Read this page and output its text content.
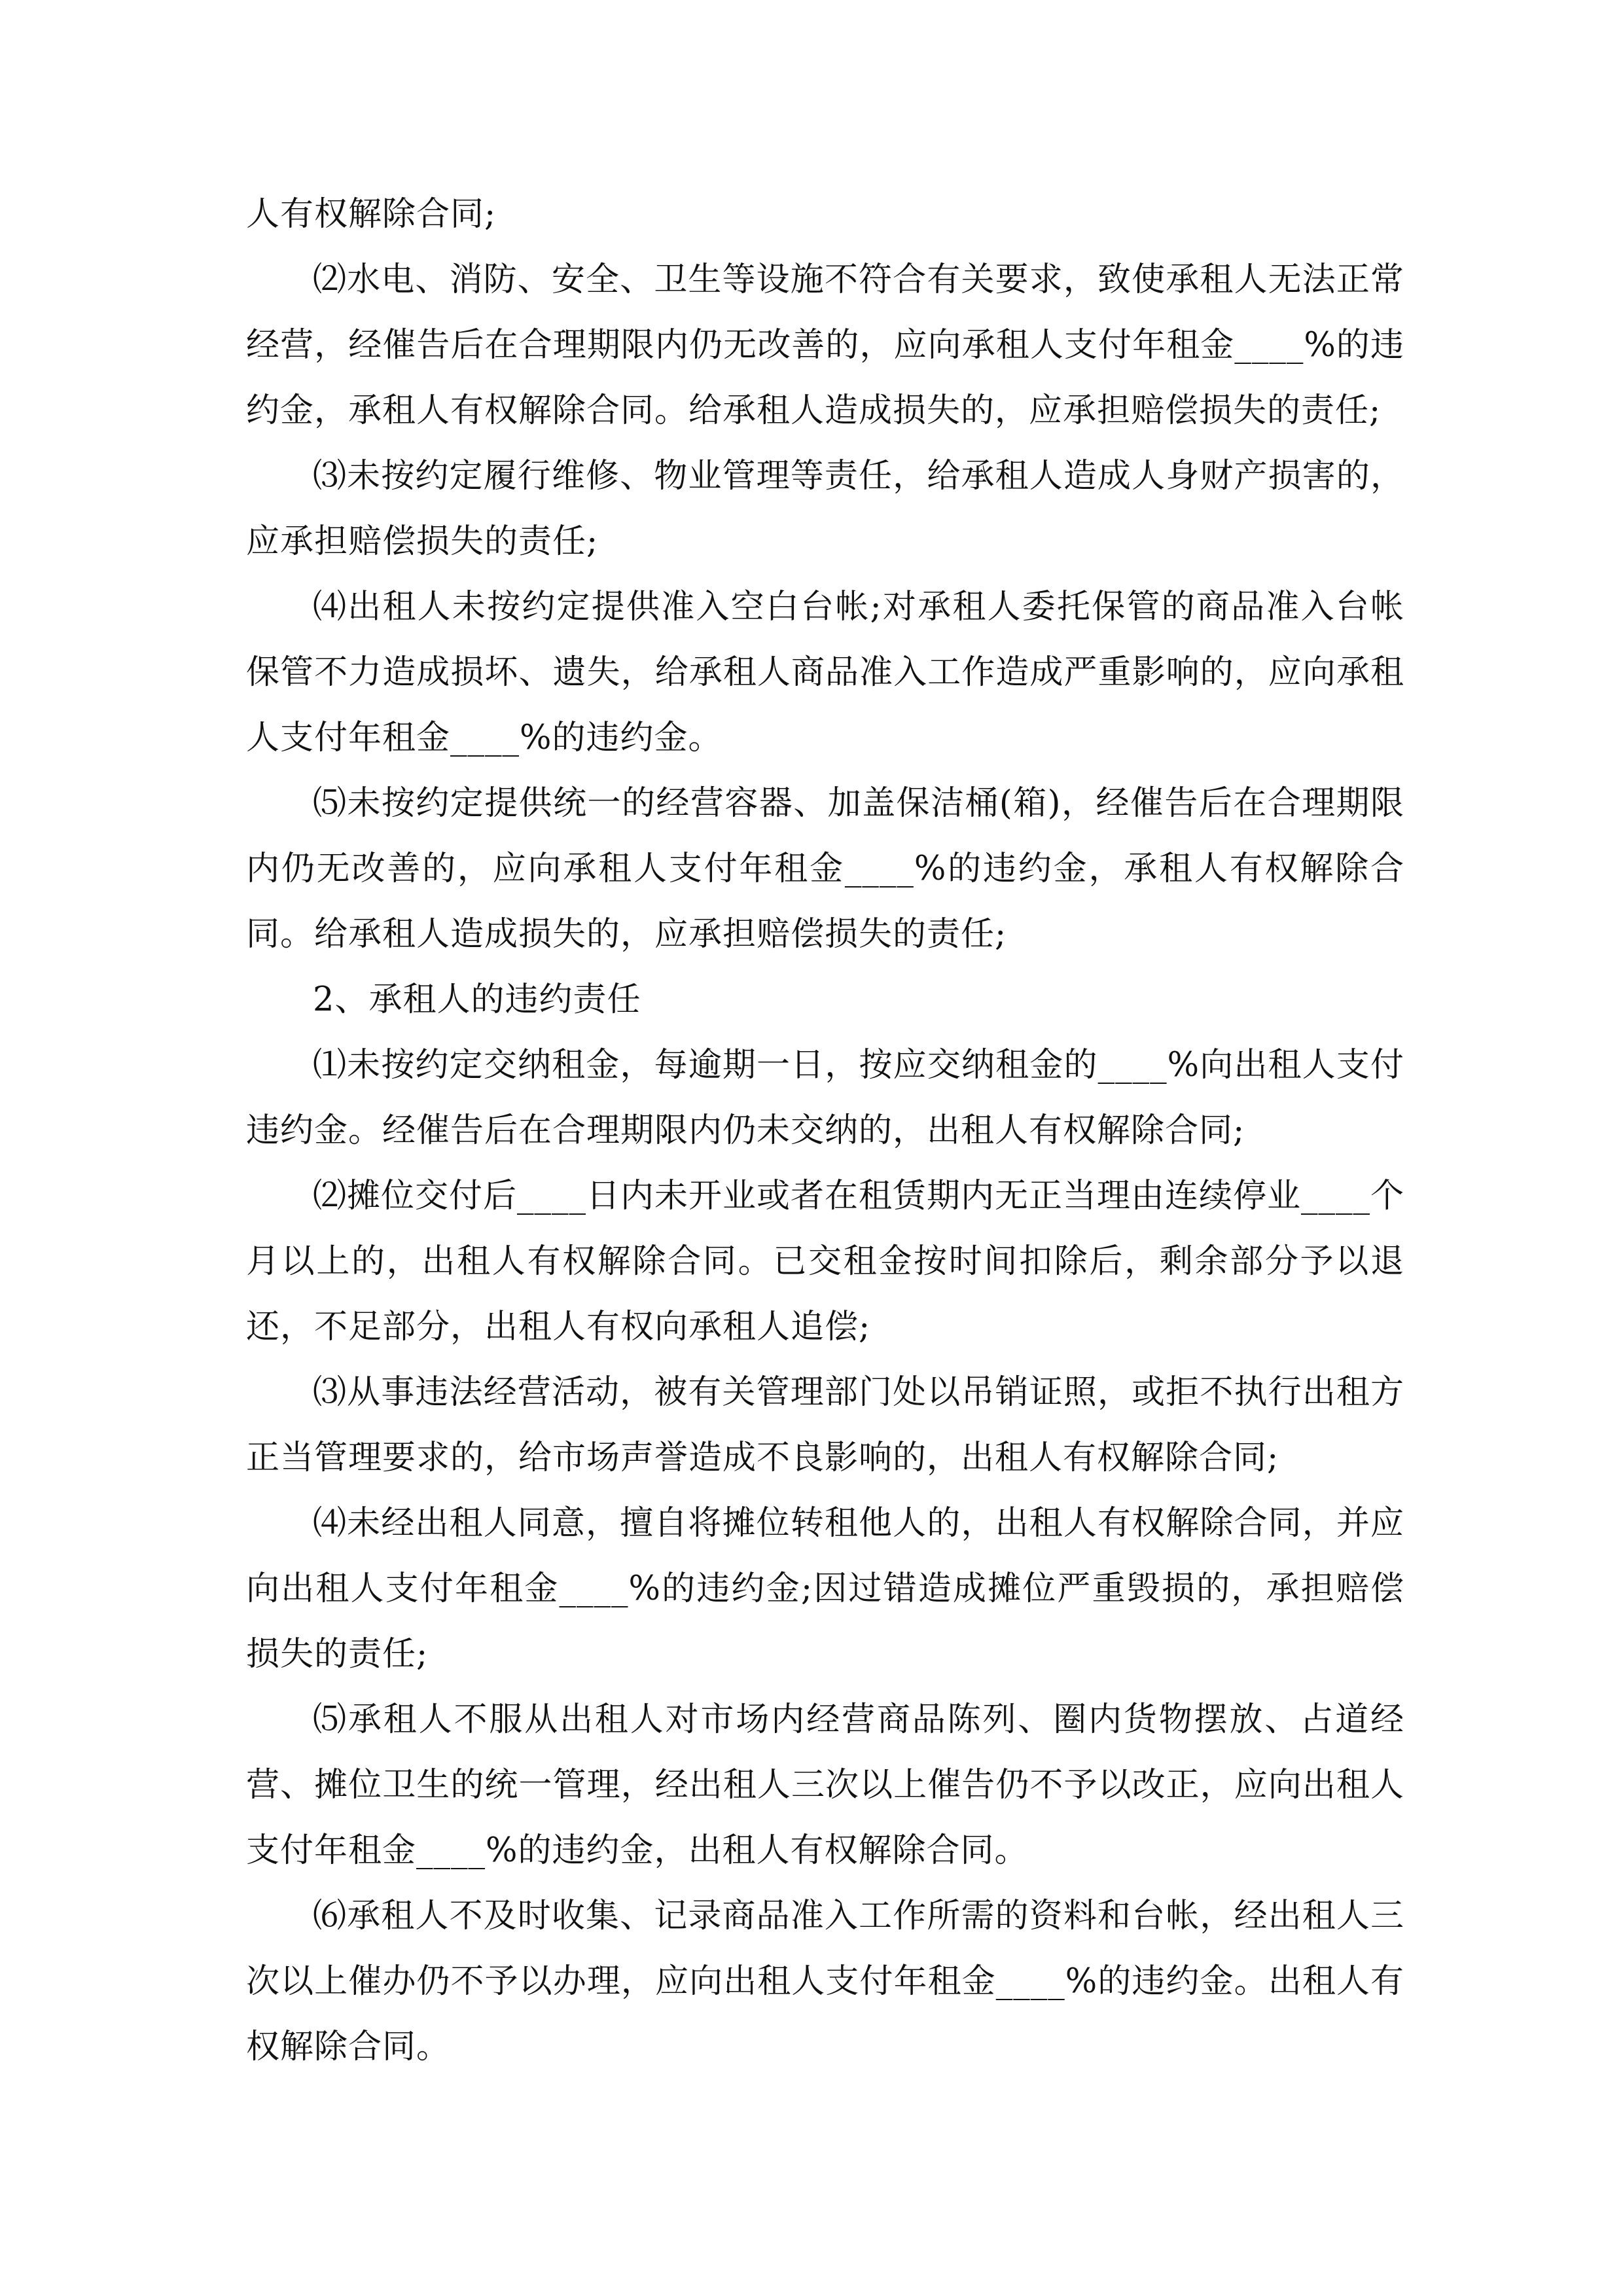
人有权解除合同;

⑵水电、消防、安全、卫生等设施不符合有关要求，致使承租人无法正常经营，经催告后在合理期限内仍无改善的，应向承租人支付年租金____%的违约金，承租人有权解除合同。给承租人造成损失的，应承担赔偿损失的责任;

⑶未按约定履行维修、物业管理等责任，给承租人造成人身财产损害的，应承担赔偿损失的责任;

⑷出租人未按约定提供准入空白台帐;对承租人委托保管的商品准入台帐保管不力造成损坏、遗失，给承租人商品准入工作造成严重影响的，应向承租人支付年租金____%的违约金。

⑸未按约定提供统一的经营容器、加盖保洁桶(箱)，经催告后在合理期限内仍无改善的，应向承租人支付年租金____%的违约金，承租人有权解除合同。给承租人造成损失的，应承担赔偿损失的责任;

2、承租人的违约责任

⑴未按约定交纳租金，每逾期一日，按应交纳租金的____%向出租人支付违约金。经催告后在合理期限内仍未交纳的，出租人有权解除合同;

⑵摊位交付后____日内未开业或者在租赁期内无正当理由连续停业____个月以上的，出租人有权解除合同。已交租金按时间扣除后，剩余部分予以退还，不足部分，出租人有权向承租人追偿;

⑶从事违法经营活动，被有关管理部门处以吊销证照，或拒不执行出租方正当管理要求的，给市场声誉造成不良影响的，出租人有权解除合同;

⑷未经出租人同意，擅自将摊位转租他人的，出租人有权解除合同，并应向出租人支付年租金____%的违约金;因过错造成摊位严重毁损的，承担赔偿损失的责任;

⑸承租人不服从出租人对市场内经营商品陈列、圈内货物摆放、占道经营、摊位卫生的统一管理，经出租人三次以上催告仍不予以改正，应向出租人支付年租金____%的违约金，出租人有权解除合同。

⑹承租人不及时收集、记录商品准入工作所需的资料和台帐，经出租人三次以上催办仍不予以办理，应向出租人支付年租金____%的违约金。出租人有权解除合同。
